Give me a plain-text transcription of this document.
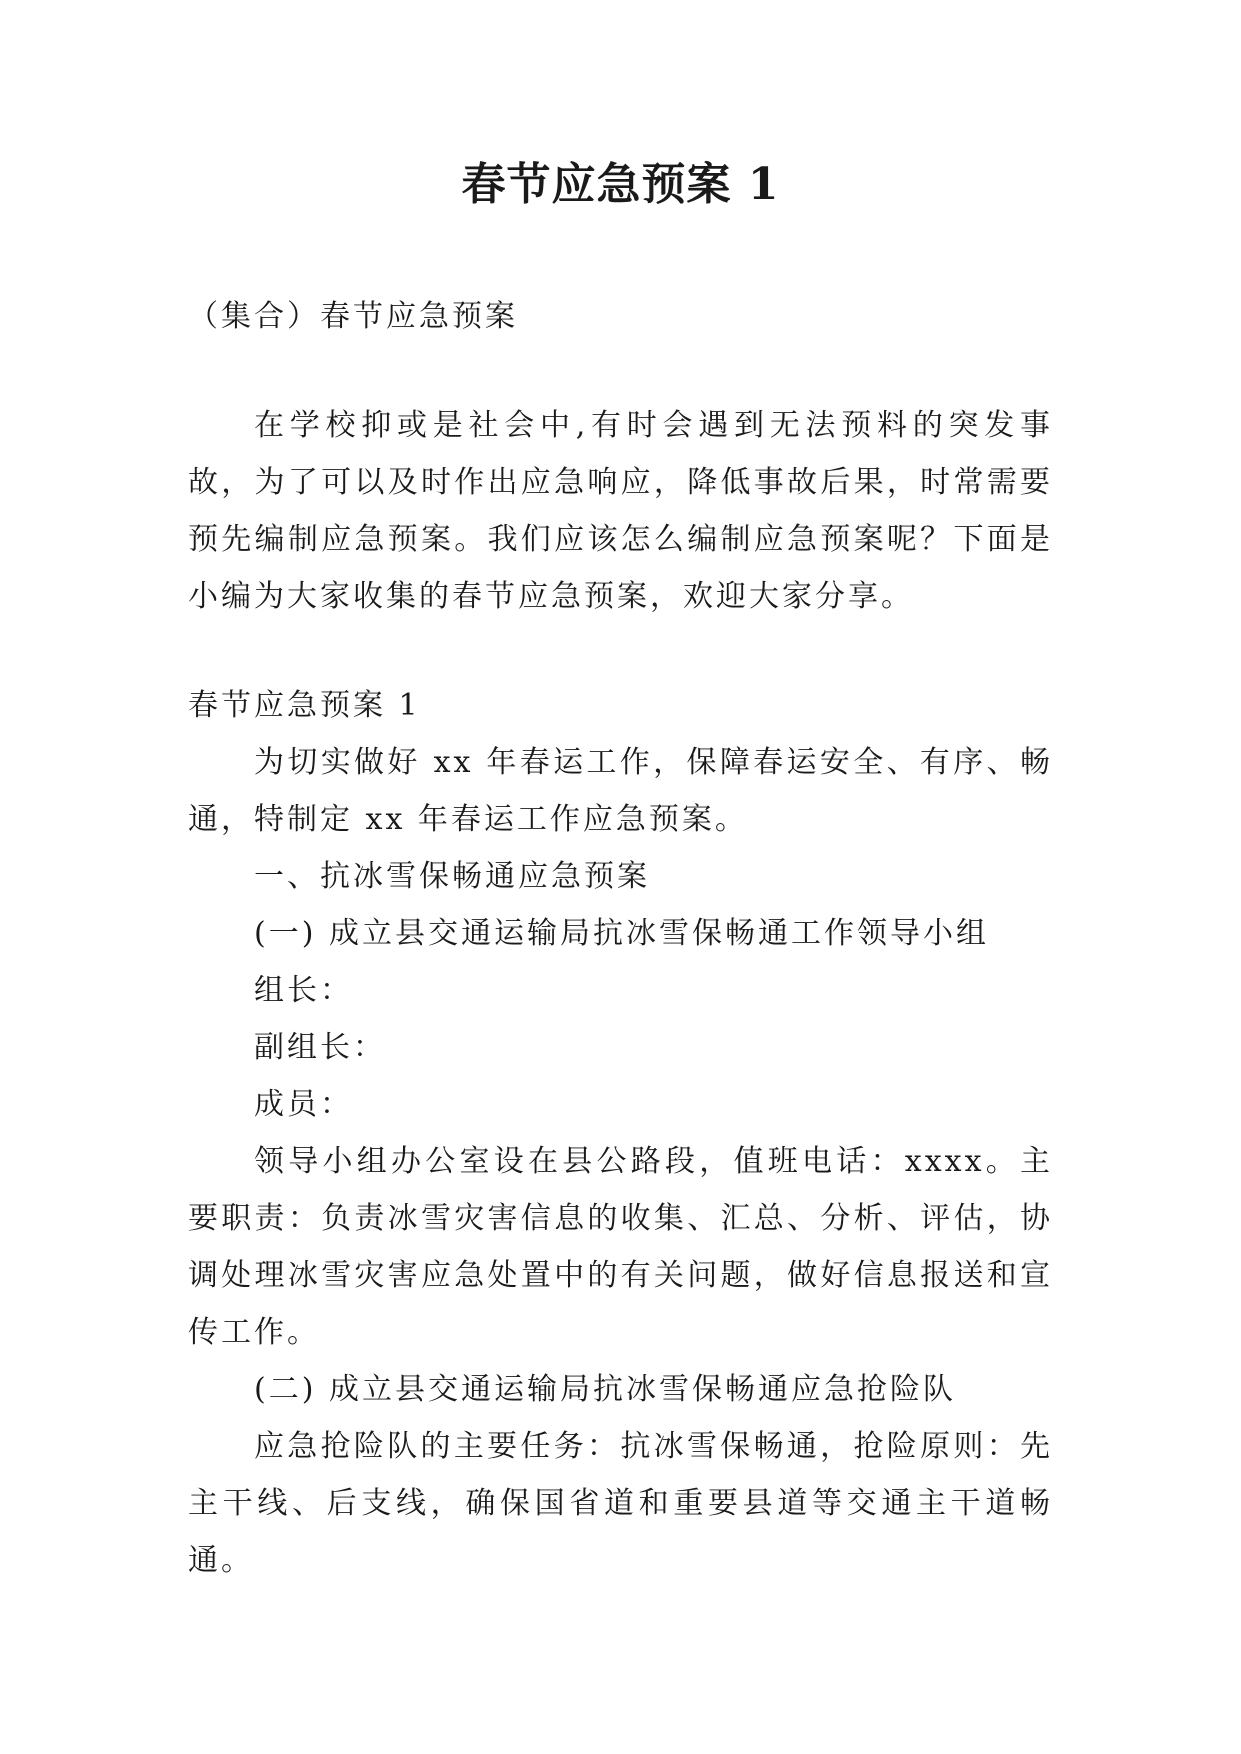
春节应急预案 1

（集合）春节应急预案

在学校抑或是社会中,有时会遇到无法预料的突发事故，为了可以及时作出应急响应，降低事故后果，时常需要预先编制应急预案。我们应该怎么编制应急预案呢？下面是小编为大家收集的春节应急预案，欢迎大家分享。

春节应急预案 1

为切实做好 xx 年春运工作，保障春运安全、有序、畅通，特制定 xx 年春运工作应急预案。

一、抗冰雪保畅通应急预案

(一) 成立县交通运输局抗冰雪保畅通工作领导小组

组长：

副组长：

成员：

领导小组办公室设在县公路段，值班电话：xxxx。主要职责：负责冰雪灾害信息的收集、汇总、分析、评估，协调处理冰雪灾害应急处置中的有关问题，做好信息报送和宣传工作。

(二) 成立县交通运输局抗冰雪保畅通应急抢险队

应急抢险队的主要任务：抗冰雪保畅通，抢险原则：先主干线、后支线，确保国省道和重要县道等交通主干道畅通。
